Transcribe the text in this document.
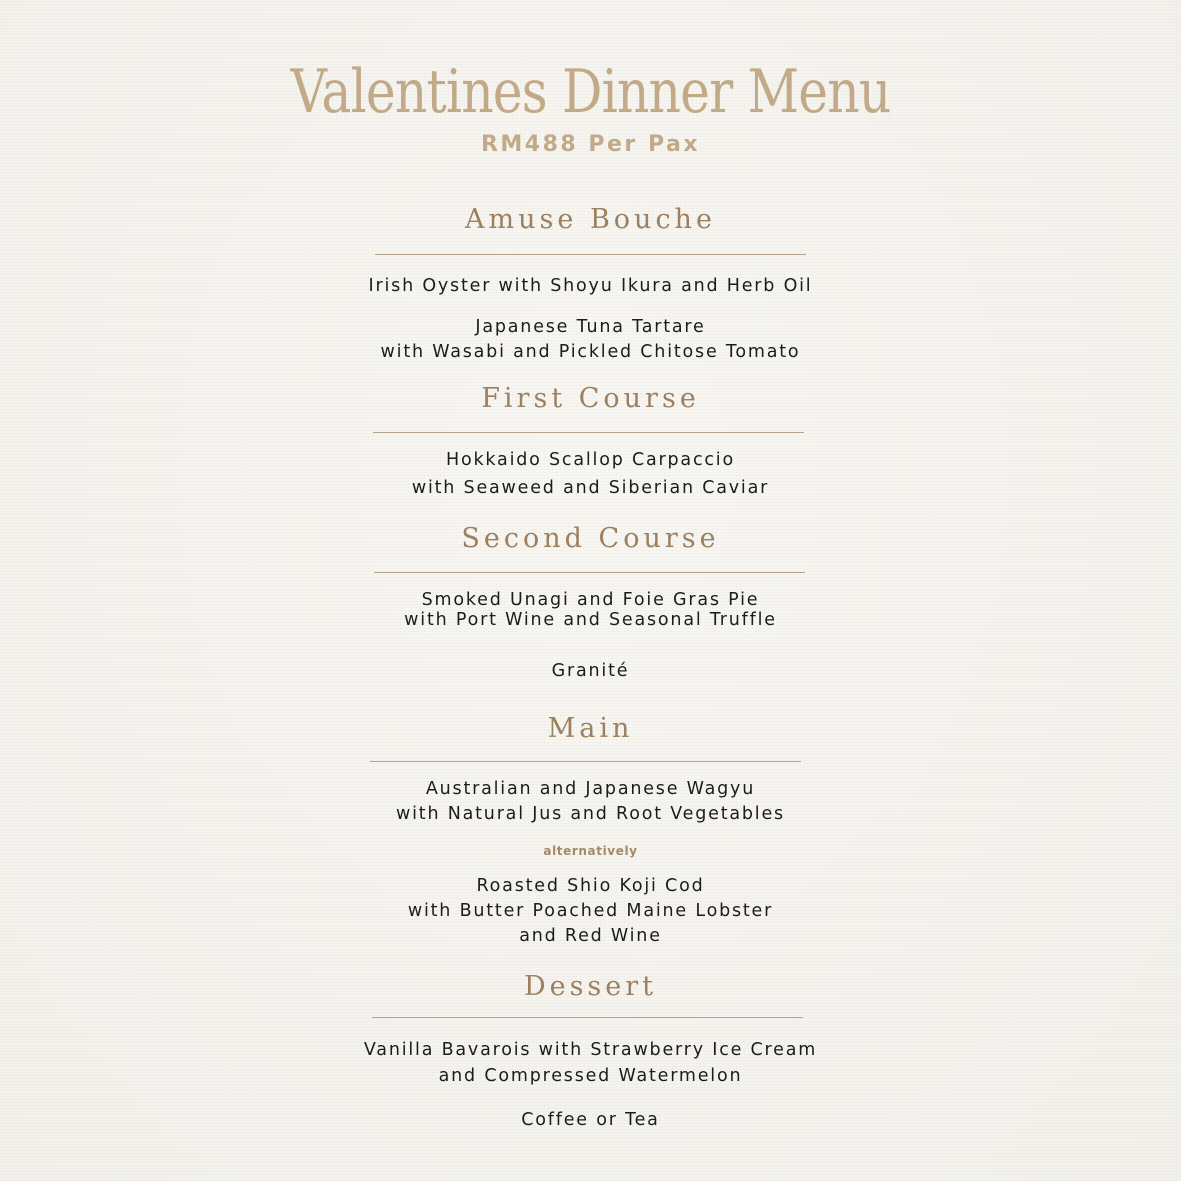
Valentines Dinner Menu
RM488 Per Pax
Amuse Bouche
Irish Oyster with Shoyu Ikura and Herb Oil
Japanese Tuna Tartare
with Wasabi and Pickled Chitose Tomato
First Course
Hokkaido Scallop Carpaccio
with Seaweed and Siberian Caviar
Second Course
Smoked Unagi and Foie Gras Pie
with Port Wine and Seasonal Truffle
Granité
Main
Australian and Japanese Wagyu
with Natural Jus and Root Vegetables
alternatively
Roasted Shio Koji Cod
with Butter Poached Maine Lobster
and Red Wine
Dessert
Vanilla Bavarois with Strawberry Ice Cream
and Compressed Watermelon
Coffee or Tea
